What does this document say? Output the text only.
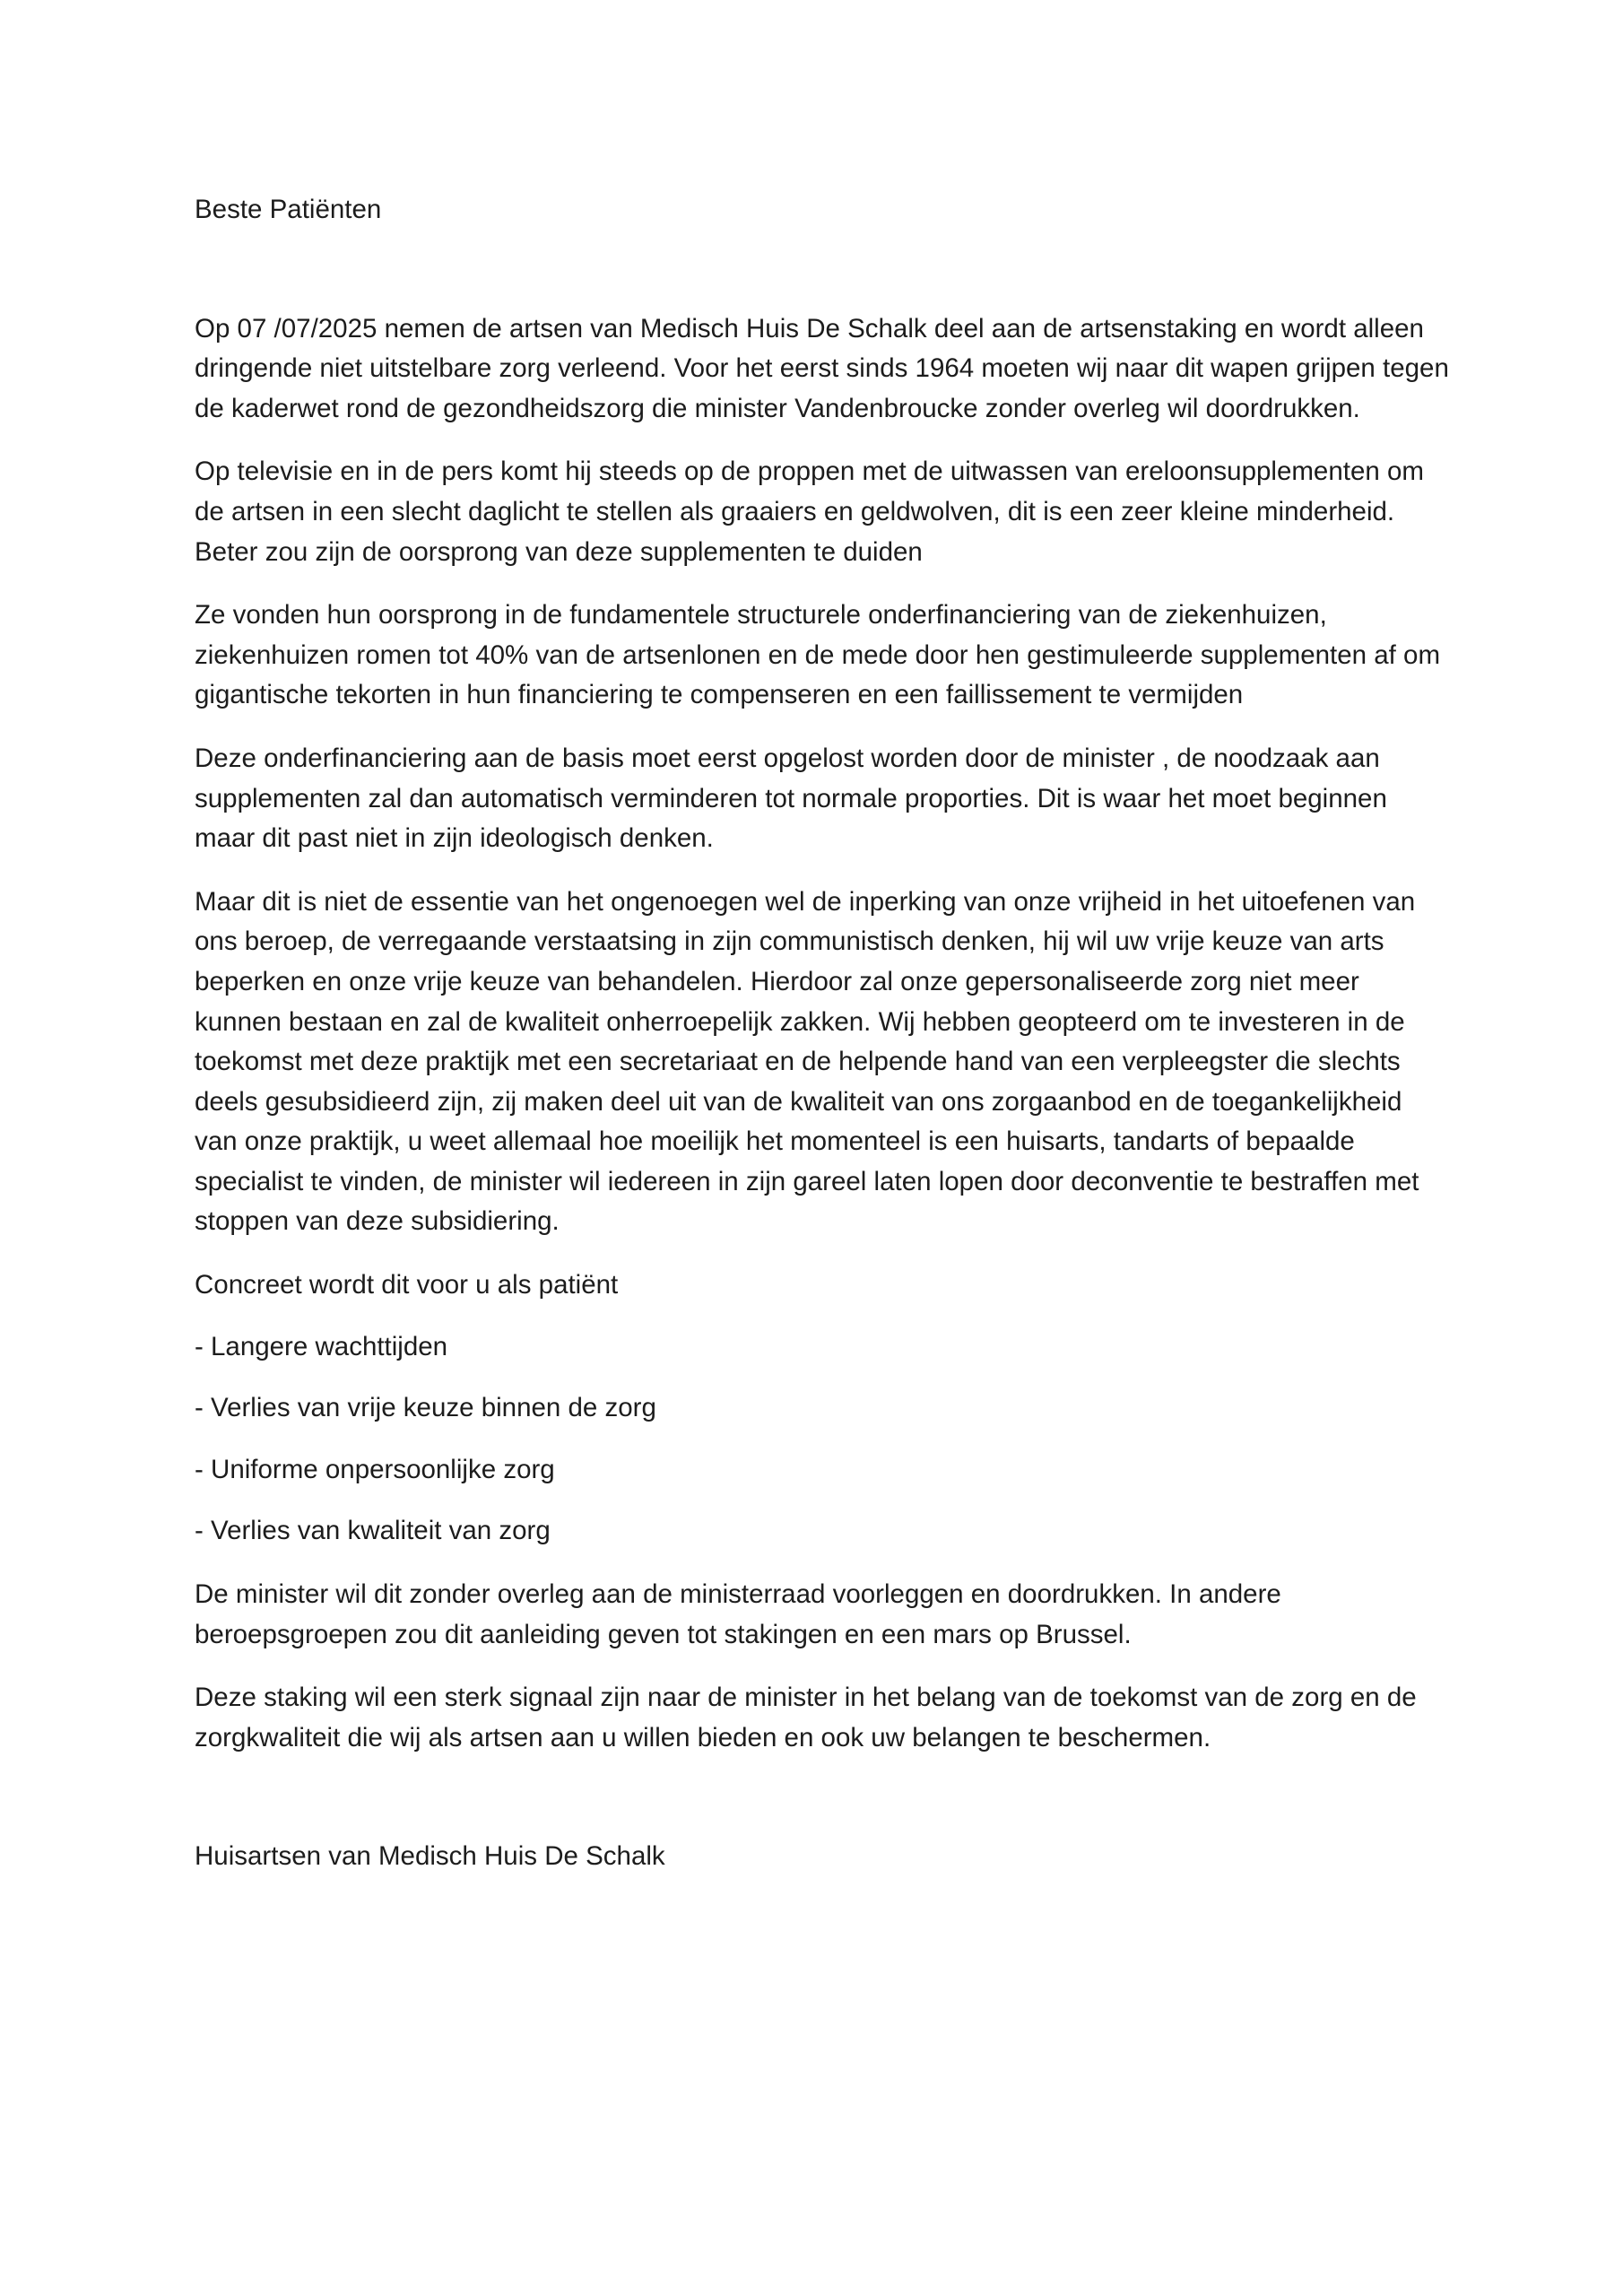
Beste Patiënten

Op 07 /07/2025 nemen de artsen van Medisch Huis De Schalk deel aan de artsenstaking en wordt alleen dringende niet uitstelbare zorg verleend. Voor het eerst sinds 1964 moeten wij naar dit wapen grijpen tegen de kaderwet rond de gezondheidszorg die minister Vandenbroucke zonder overleg wil doordrukken.

Op televisie en in de pers komt hij steeds op de proppen met de uitwassen van ereloonsupplementen om de artsen in een slecht daglicht te stellen als graaiers en geldwolven, dit is een zeer kleine minderheid. Beter zou zijn de oorsprong van deze supplementen te duiden

Ze vonden hun oorsprong in de fundamentele structurele onderfinanciering van de ziekenhuizen, ziekenhuizen romen tot 40% van de artsenlonen en de mede door hen gestimuleerde supplementen af om gigantische tekorten in hun financiering te compenseren en een faillissement te vermijden

Deze onderfinanciering aan de basis moet eerst opgelost worden door de minister , de noodzaak aan supplementen zal dan automatisch verminderen tot normale proporties. Dit is waar het moet beginnen maar dit past niet in zijn ideologisch denken.

Maar dit is niet de essentie van het ongenoegen wel de inperking van onze vrijheid in het uitoefenen van ons beroep, de verregaande verstaatsing in zijn communistisch denken, hij wil uw vrije keuze van arts beperken en onze vrije keuze van behandelen. Hierdoor zal onze gepersonaliseerde zorg niet meer kunnen bestaan en zal de kwaliteit onherroepelijk zakken. Wij hebben geopteerd om te investeren in de toekomst met deze praktijk met een secretariaat en de helpende hand van een verpleegster die slechts deels gesubsidieerd zijn, zij maken deel uit van de kwaliteit van ons zorgaanbod en de toegankelijkheid van onze praktijk, u weet allemaal hoe moeilijk het momenteel is een huisarts, tandarts of bepaalde specialist te vinden, de minister wil iedereen in zijn gareel laten lopen door deconventie te bestraffen met stoppen van deze subsidiering.

Concreet wordt dit voor u als patiënt

- Langere wachttijden

- Verlies van vrije keuze binnen de zorg

- Uniforme onpersoonlijke zorg

- Verlies van kwaliteit van zorg

De minister wil dit zonder overleg aan de ministerraad voorleggen en doordrukken. In andere beroepsgroepen zou dit aanleiding geven tot stakingen en een mars op Brussel.

Deze staking wil een sterk signaal zijn naar de minister in het belang van de toekomst van de zorg en de zorgkwaliteit die wij als artsen aan u willen bieden en ook uw belangen te beschermen.

Huisartsen van Medisch Huis De Schalk
